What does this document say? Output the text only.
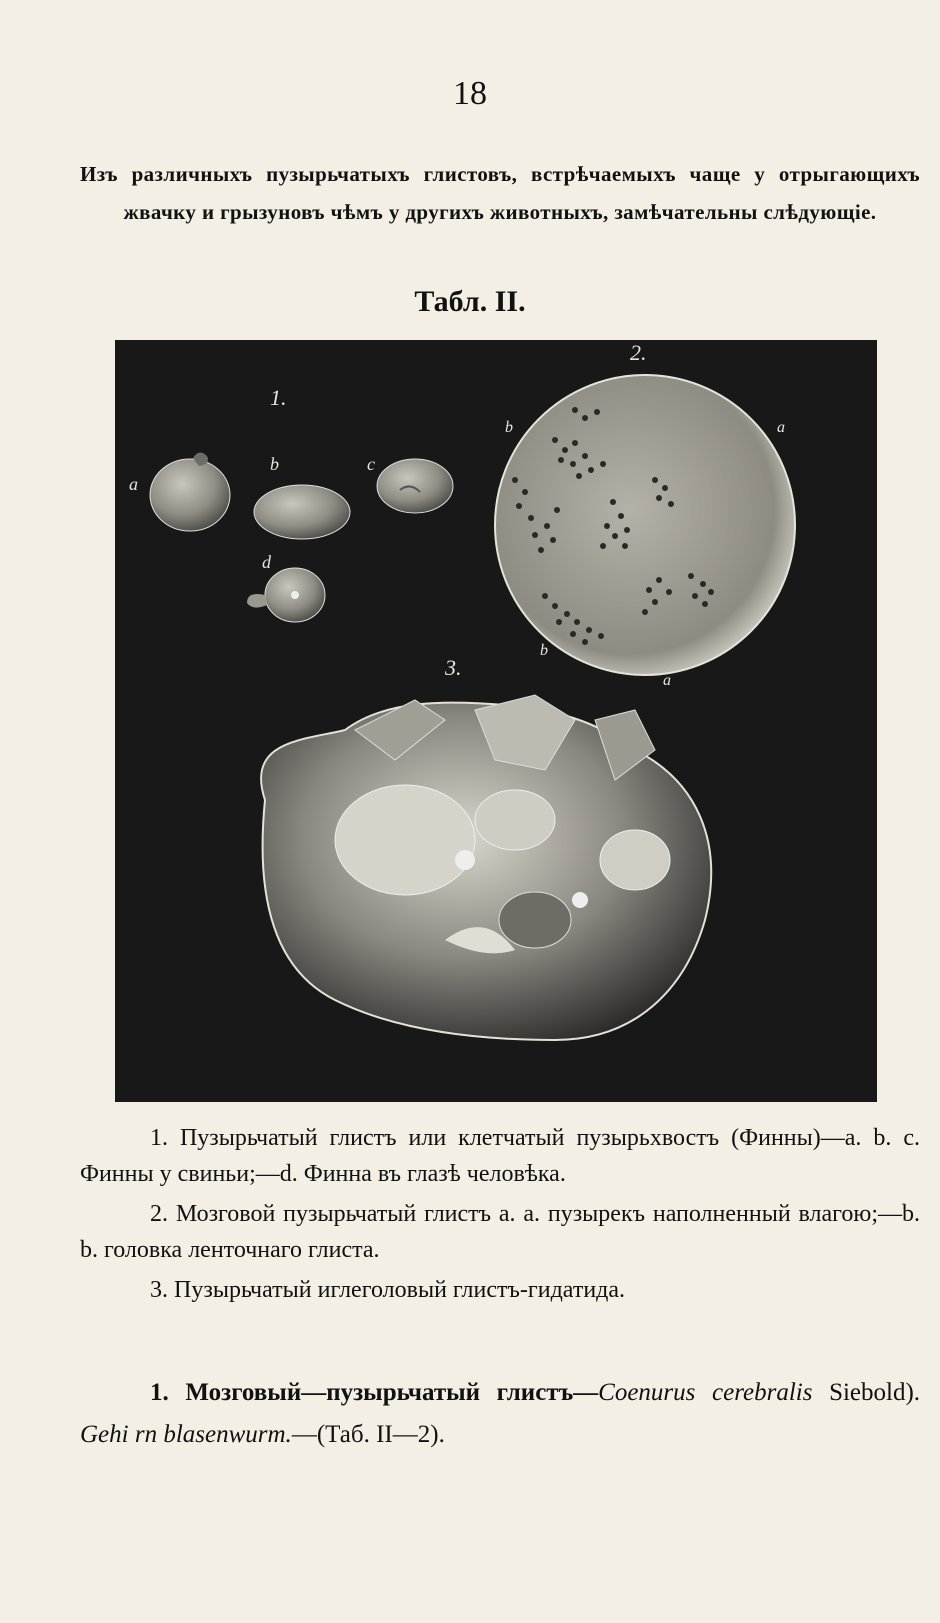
18
Изъ различныхъ пузырьчатыхъ глистовъ, встрѣчаемыхъ чаще у отрыгающихъ жвачку и грызуновъ чѣмъ у другихъ животныхъ, замѣчательны слѣдующіе.
Табл. II.
1.
2.
3.
a
b	c
d
b	a
b
a

1. Пузырьчатый глистъ или клетчатый пузырьхвостъ (Финны)—a. b. c. Финны у свиньи;—d. Финна въ глазѣ человѣка.

2. Мозговой пузырьчатый глистъ a. a. пузырекъ наполненный влагою;—b. b. головка ленточнаго глиста.

3. Пузырьчатый иглеголовый глистъ-гидатида.

1. Мозговый—пузырьчатый глистъ—Coenurus cerebralis Siebold). Gehi rn blasenwurm.—(Таб. II—2).
